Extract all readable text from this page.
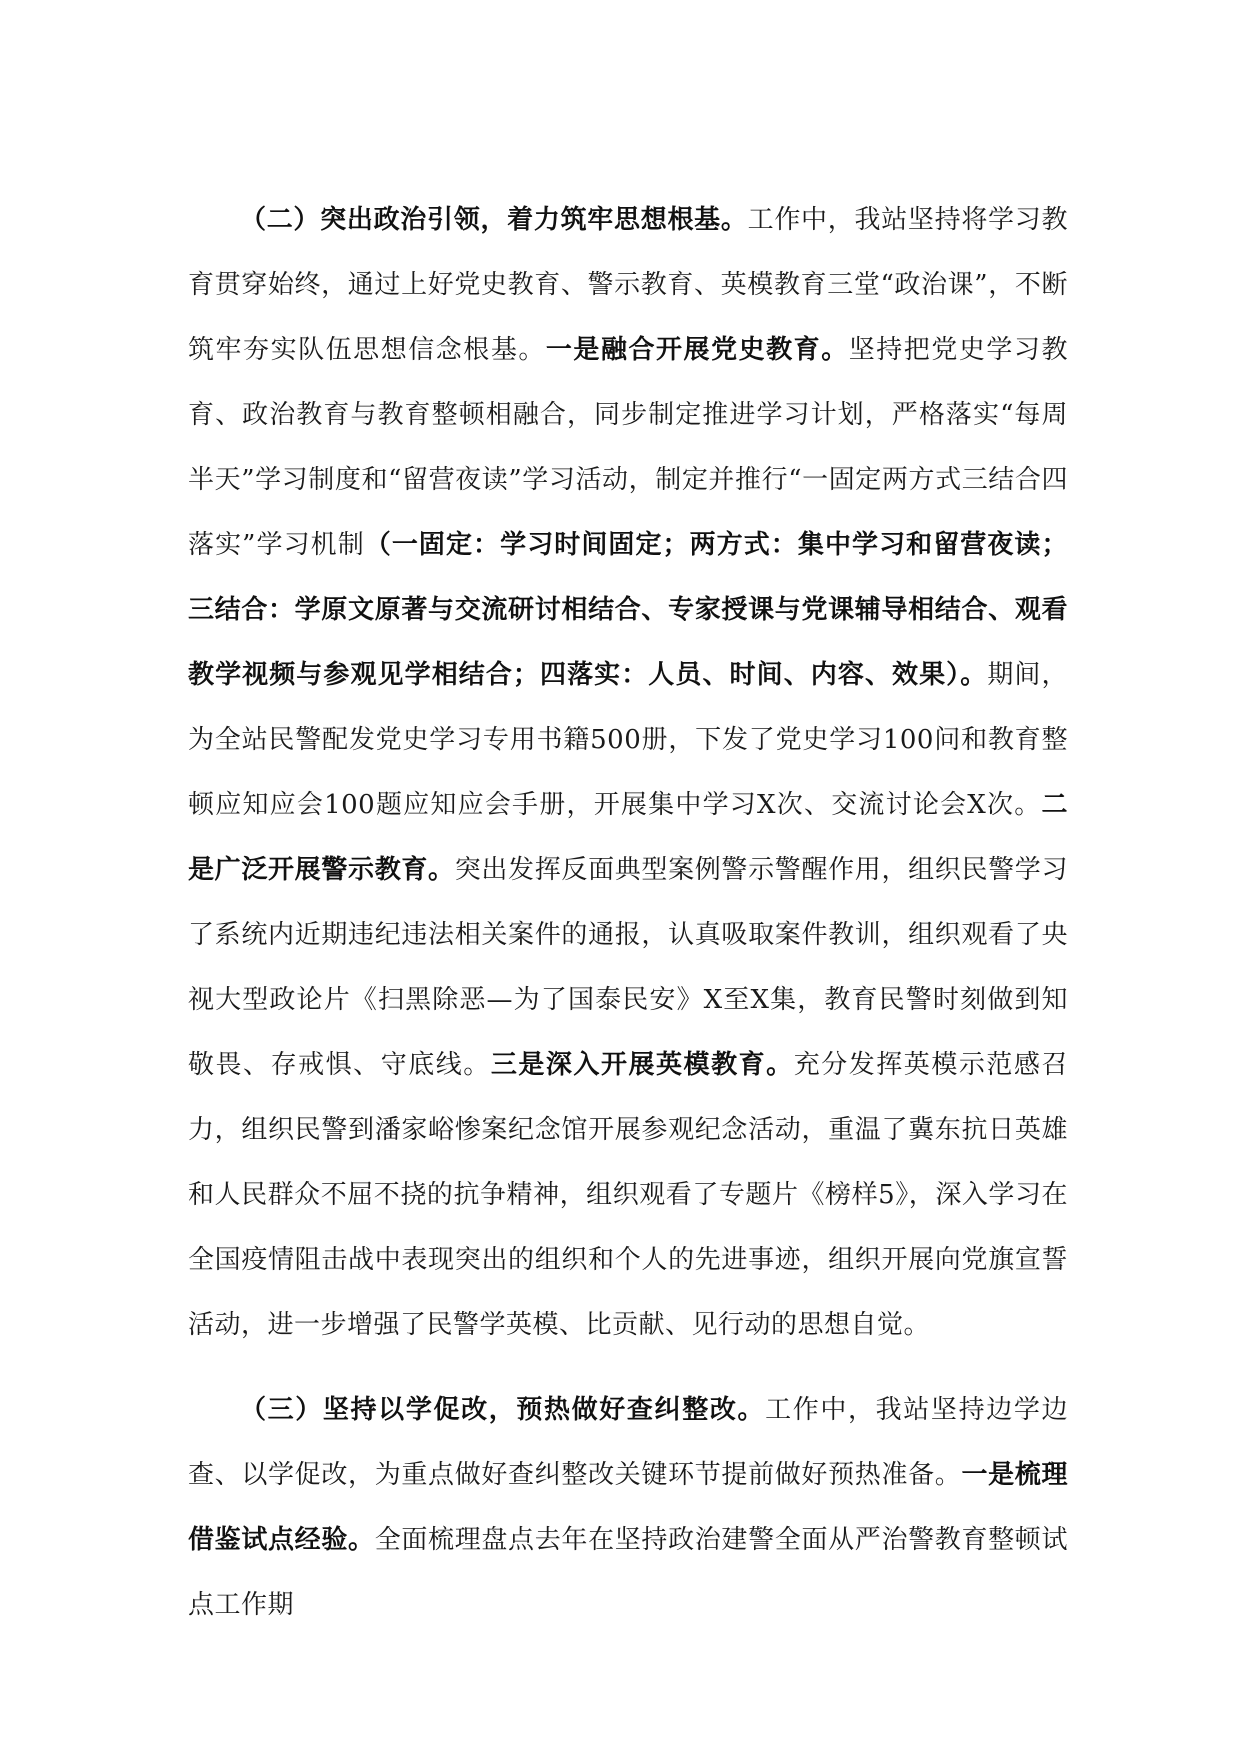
（二）突出政治引领，着力筑牢思想根基。工作中，我站坚持将学习教育贯穿始终，通过上好党史教育、警示教育、英模教育三堂“政治课”，不断筑牢夯实队伍思想信念根基。一是融合开展党史教育。坚持把党史学习教育、政治教育与教育整顿相融合，同步制定推进学习计划，严格落实“每周半天”学习制度和“留营夜读”学习活动，制定并推行“一固定两方式三结合四落实”学习机制（一固定：学习时间固定；两方式：集中学习和留营夜读；三结合：学原文原著与交流研讨相结合、专家授课与党课辅导相结合、观看教学视频与参观见学相结合；四落实：人员、时间、内容、效果）。期间，为全站民警配发党史学习专用书籍500册，下发了党史学习100问和教育整顿应知应会100题应知应会手册，开展集中学习X次、交流讨论会X次。二是广泛开展警示教育。突出发挥反面典型案例警示警醒作用，组织民警学习了系统内近期违纪违法相关案件的通报，认真吸取案件教训，组织观看了央视大型政论片《扫黑除恶—为了国泰民安》X至X集，教育民警时刻做到知敬畏、存戒惧、守底线。三是深入开展英模教育。充分发挥英模示范感召力，组织民警到潘家峪惨案纪念馆开展参观纪念活动，重温了冀东抗日英雄和人民群众不屈不挠的抗争精神，组织观看了专题片《榜样5》，深入学习在全国疫情阻击战中表现突出的组织和个人的先进事迹，组织开展向党旗宣誓活动，进一步增强了民警学英模、比贡献、见行动的思想自觉。

（三）坚持以学促改，预热做好查纠整改。工作中，我站坚持边学边查、以学促改，为重点做好查纠整改关键环节提前做好预热准备。一是梳理借鉴试点经验。全面梳理盘点去年在坚持政治建警全面从严治警教育整顿试点工作期
